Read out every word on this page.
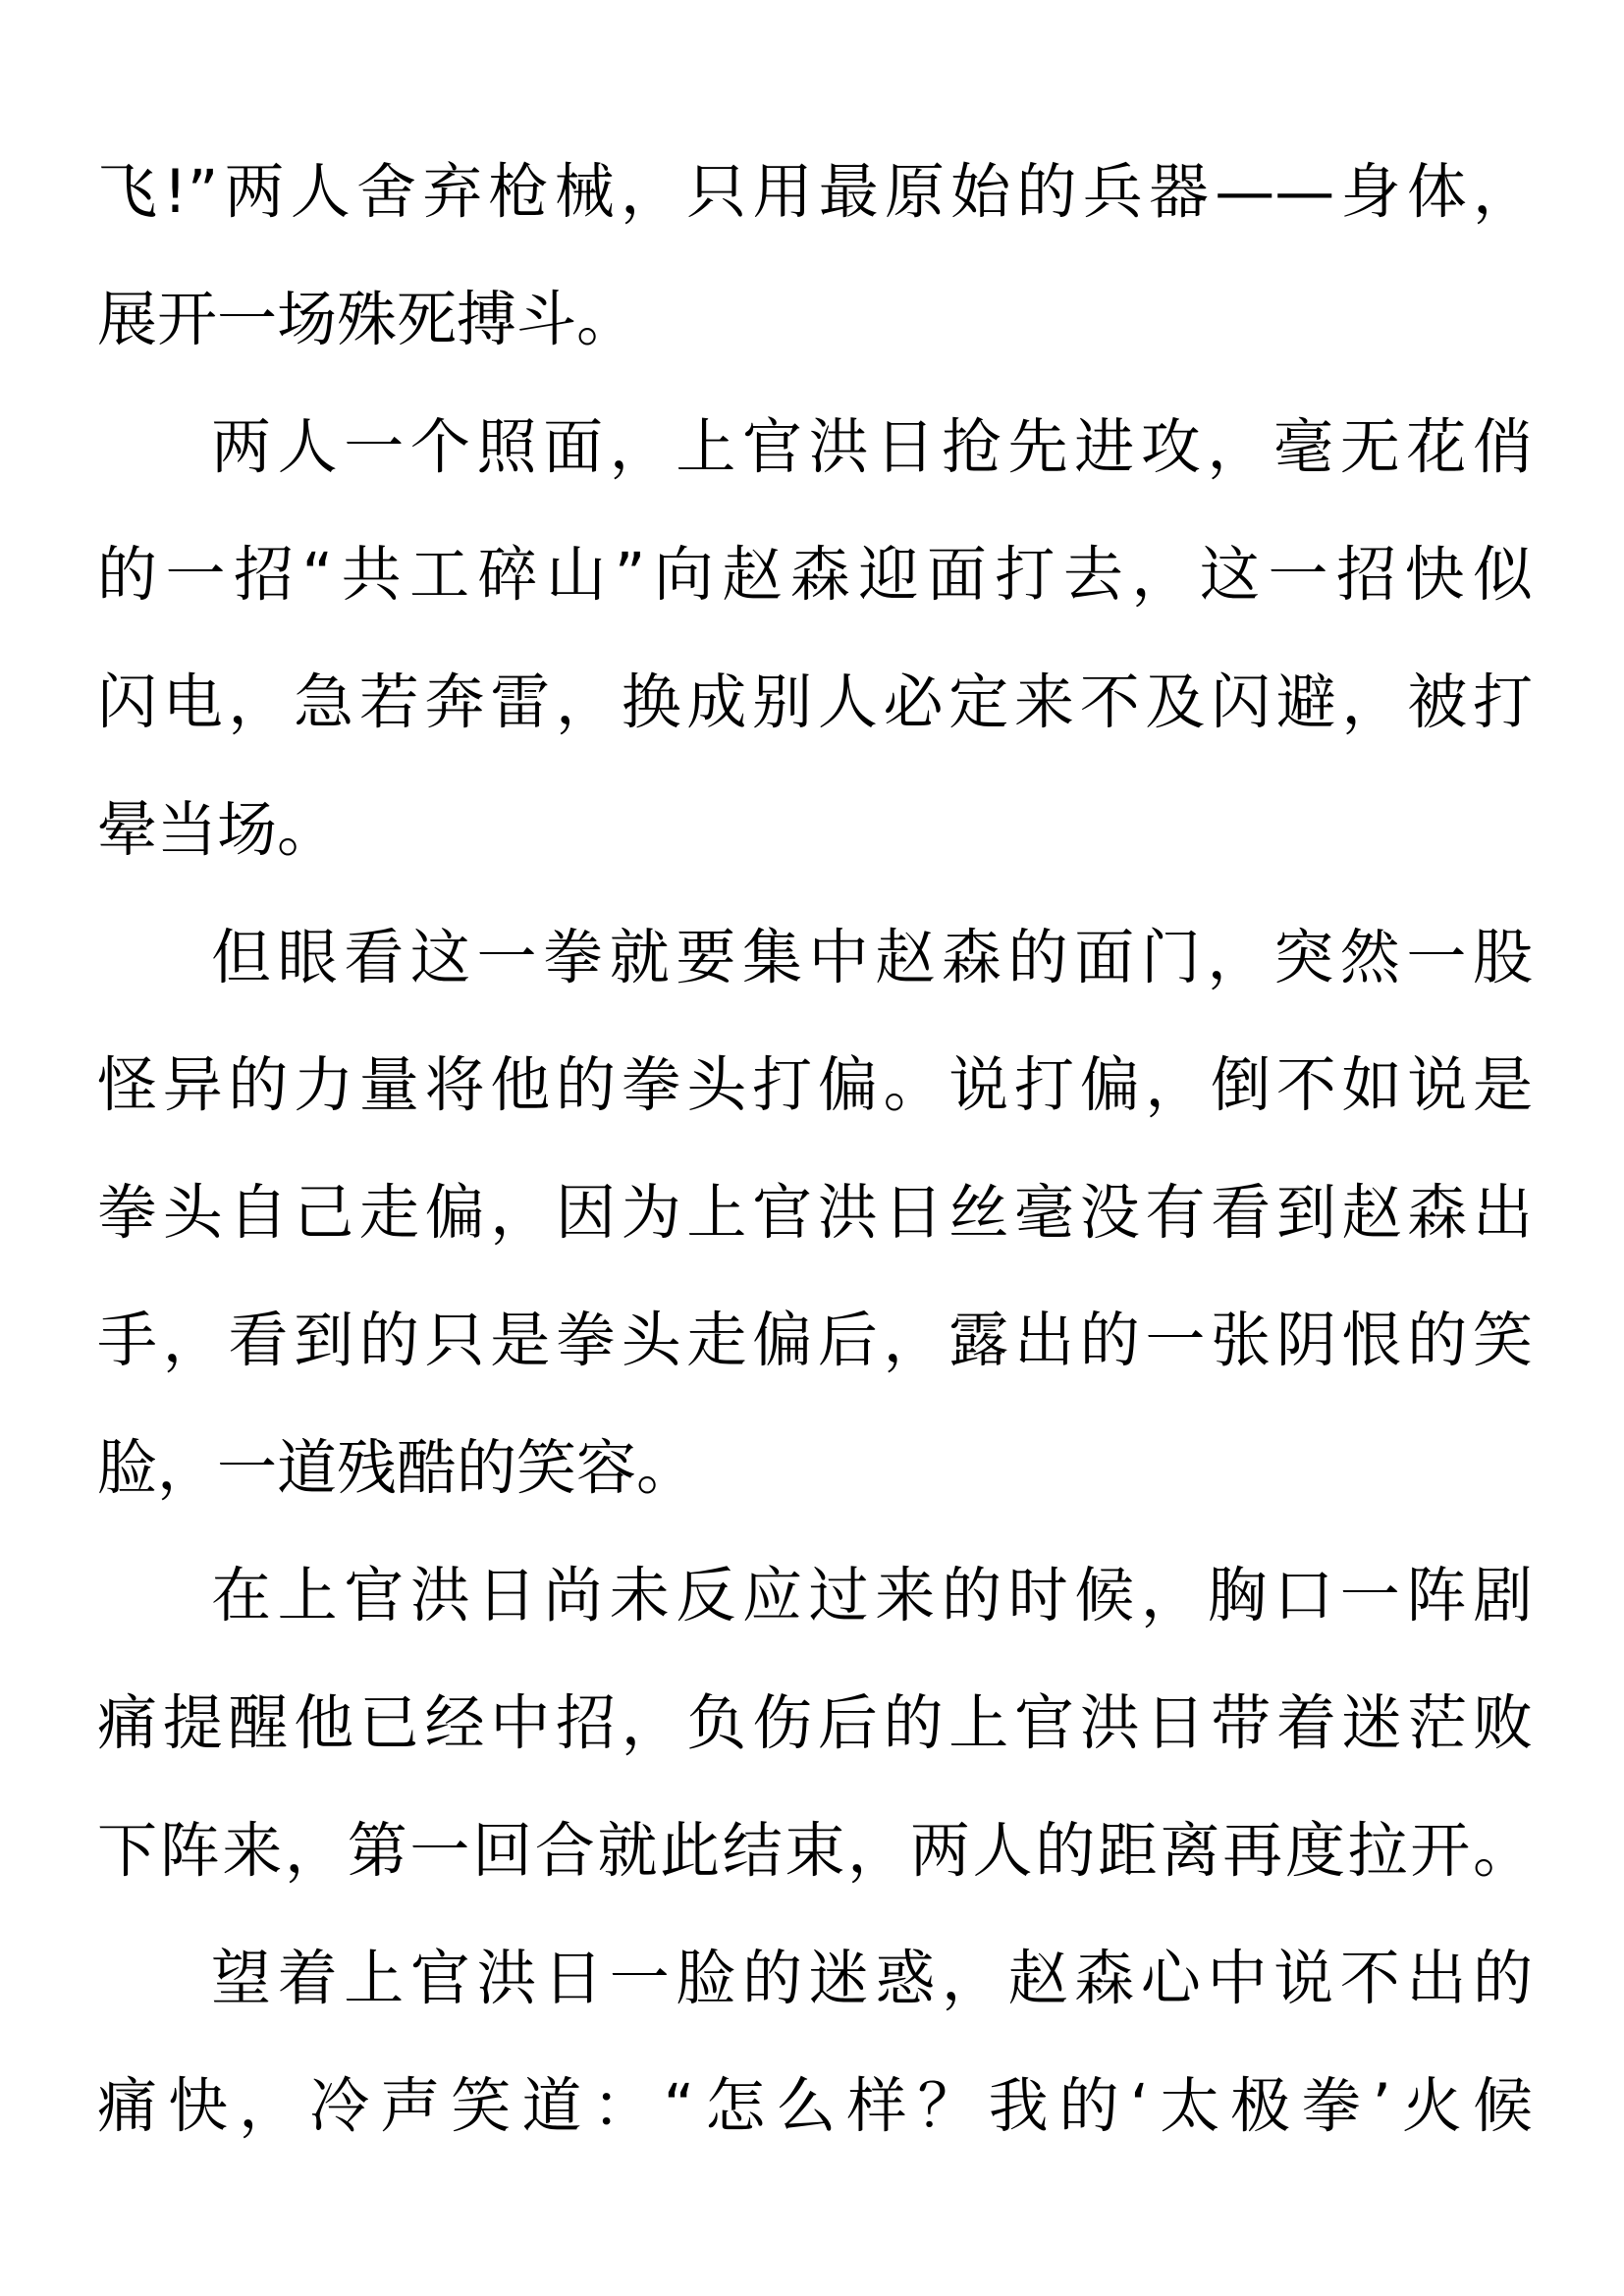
飞!”两人舍弃枪械，只用最原始的兵器——身体，
展开一场殊死搏斗。
两人一个照面，上官洪日抢先进攻，毫无花俏
的一招“共工碎山”向赵森迎面打去，这一招快似
闪电，急若奔雷，换成别人必定来不及闪避，被打
晕当场。
但眼看这一拳就要集中赵森的面门，突然一股
怪异的力量将他的拳头打偏。说打偏，倒不如说是
拳头自己走偏，因为上官洪日丝毫没有看到赵森出
手，看到的只是拳头走偏后，露出的一张阴恨的笑
脸，一道残酷的笑容。
在上官洪日尚未反应过来的时候，胸口一阵剧
痛提醒他已经中招，负伤后的上官洪日带着迷茫败
下阵来，第一回合就此结束，两人的距离再度拉开。
望着上官洪日一脸的迷惑，赵森心中说不出的
痛快，冷声笑道：“怎么样？我的‘太极拳’火候
